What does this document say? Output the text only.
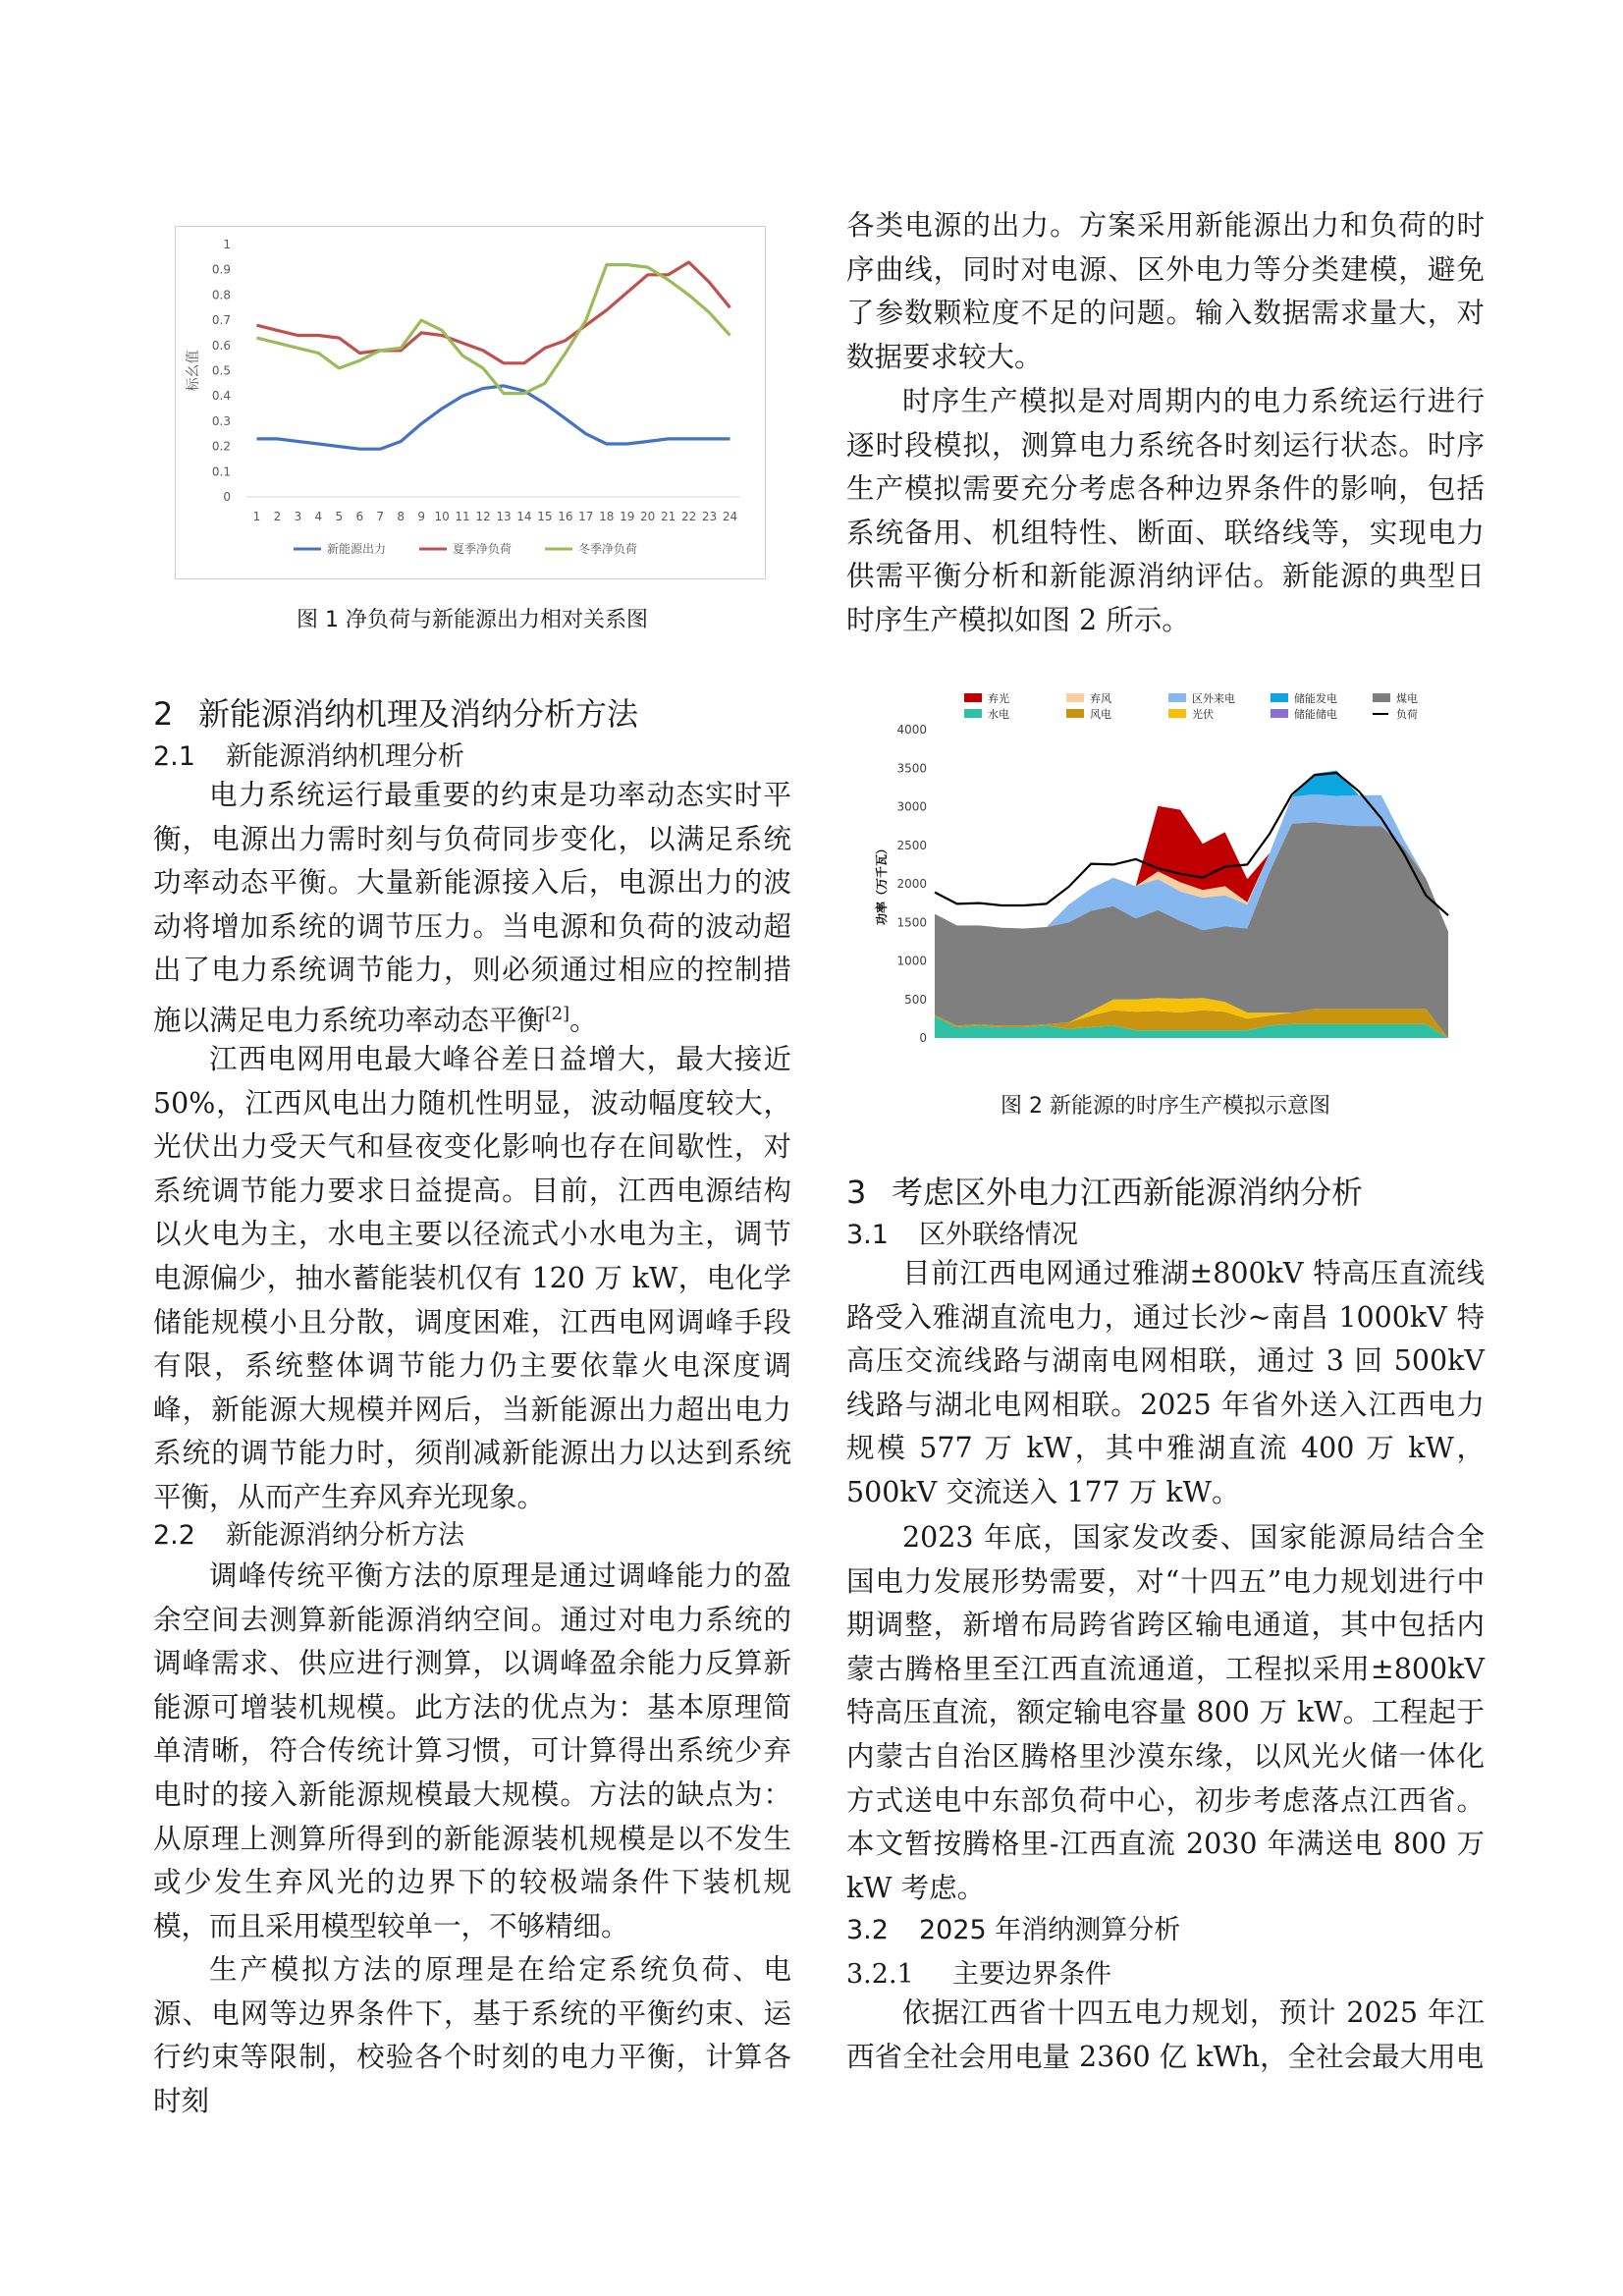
0
0.1
0.2
0.3
0.4
0.5
0.6
0.7
0.8
0.9
1
1 2 3 4 5 6 7 8 9 10 11 12 13 14 15 16 17 18 19 20 21 22 23 24
标幺值
新能源出力	夏季净负荷	冬季净负荷
图 1 净负荷与新能源出力相对关系图
0
500
1000
1500
2000
2500
3000
3500
4000
功率（万千瓦）
弃光	弃风	区外来电	储能发电	煤电
水电	风电	光伏	储能储电	负荷
图 2 新能源的时序生产模拟示意图
2 新能源消纳机理及消纳分析方法
2.1 新能源消纳机理分析

电力系统运行最重要的约束是功率动态实时平衡，电源出力需时刻与负荷同步变化，以满足系统功率动态平衡。大量新能源接入后，电源出力的波动将增加系统的调节压力。当电源和负荷的波动超出了电力系统调节能力，则必须通过相应的控制措施以满足电力系统功率动态平衡[2]。

江西电网用电最大峰谷差日益增大，最大接近50%，江西风电出力随机性明显，波动幅度较大，光伏出力受天气和昼夜变化影响也存在间歇性，对系统调节能力要求日益提高。目前，江西电源结构以火电为主，水电主要以径流式小水电为主，调节电源偏少，抽水蓄能装机仅有 120 万 kW，电化学储能规模小且分散，调度困难，江西电网调峰手段有限，系统整体调节能力仍主要依靠火电深度调峰，新能源大规模并网后，当新能源出力超出电力系统的调节能力时，须削减新能源出力以达到系统平衡，从而产生弃风弃光现象。

2.2 新能源消纳分析方法

调峰传统平衡方法的原理是通过调峰能力的盈余空间去测算新能源消纳空间。通过对电力系统的调峰需求、供应进行测算，以调峰盈余能力反算新能源可增装机规模。此方法的优点为：基本原理简单清晰，符合传统计算习惯，可计算得出系统少弃电时的接入新能源规模最大规模。方法的缺点为：从原理上测算所得到的新能源装机规模是以不发生或少发生弃风光的边界下的较极端条件下装机规模，而且采用模型较单一，不够精细。

生产模拟方法的原理是在给定系统负荷、电源、电网等边界条件下，基于系统的平衡约束、运行约束等限制，校验各个时刻的电力平衡，计算各时刻

各类电源的出力。方案采用新能源出力和负荷的时序曲线，同时对电源、区外电力等分类建模，避免了参数颗粒度不足的问题。输入数据需求量大，对数据要求较大。

时序生产模拟是对周期内的电力系统运行进行逐时段模拟，测算电力系统各时刻运行状态。时序生产模拟需要充分考虑各种边界条件的影响，包括系统备用、机组特性、断面、联络线等，实现电力供需平衡分析和新能源消纳评估。新能源的典型日时序生产模拟如图 2 所示。

3 考虑区外电力江西新能源消纳分析
3.1 区外联络情况

目前江西电网通过雅湖±800kV 特高压直流线路受入雅湖直流电力，通过长沙~南昌 1000kV 特高压交流线路与湖南电网相联，通过 3 回 500kV 线路与湖北电网相联。2025 年省外送入江西电力规模 577 万 kW，其中雅湖直流 400 万 kW，500kV 交流送入 177 万 kW。

2023 年底，国家发改委、国家能源局结合全国电力发展形势需要，对“十四五”电力规划进行中期调整，新增布局跨省跨区输电通道，其中包括内蒙古腾格里至江西直流通道，工程拟采用±800kV 特高压直流，额定输电容量 800 万 kW。工程起于内蒙古自治区腾格里沙漠东缘，以风光火储一体化方式送电中东部负荷中心，初步考虑落点江西省。本文暂按腾格里-江西直流 2030 年满送电 800 万 kW 考虑。

3.2 2025 年消纳测算分析
3.2.1 主要边界条件

依据江西省十四五电力规划，预计 2025 年江西省全社会用电量 2360 亿 kWh，全社会最大用电
